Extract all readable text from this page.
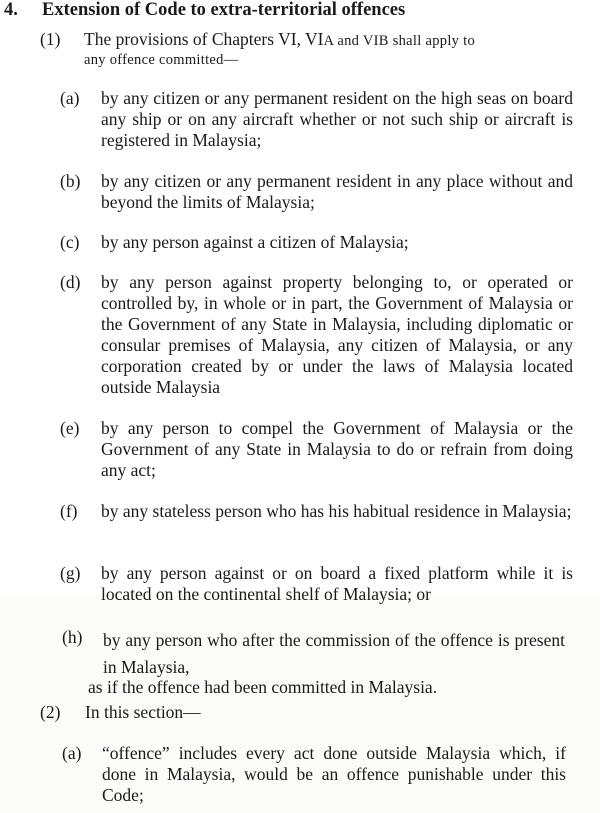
4. Extension of Code to extra-territorial offences
(1) The provisions of Chapters VI, VIA and VIB shall apply to
any offence committed—
(a) by any citizen or any permanent resident on the high seas on board any ship or on any aircraft whether or not such ship or aircraft is registered in Malaysia;
(b) by any citizen or any permanent resident in any place without and beyond the limits of Malaysia;
(c) by any person against a citizen of Malaysia;
(d) by any person against property belonging to, or operated or controlled by, in whole or in part, the Government of Malaysia or the Government of any State in Malaysia, including diplomatic or consular premises of Malaysia, any citizen of Malaysia, or any corporation created by or under the laws of Malaysia located outside Malaysia
(e) by any person to compel the Government of Malaysia or the Government of any State in Malaysia to do or refrain from doing any act;
(f) by any stateless person who has his habitual residence in Malaysia;
(g) by any person against or on board a fixed platform while it is located on the continental shelf of Malaysia; or
(h) by any person who after the commission of the offence is present in Malaysia,
as if the offence had been committed in Malaysia.
(2) In this section—
(a) “offence” includes every act done outside Malaysia which, if done in Malaysia, would be an offence punishable under this Code;
